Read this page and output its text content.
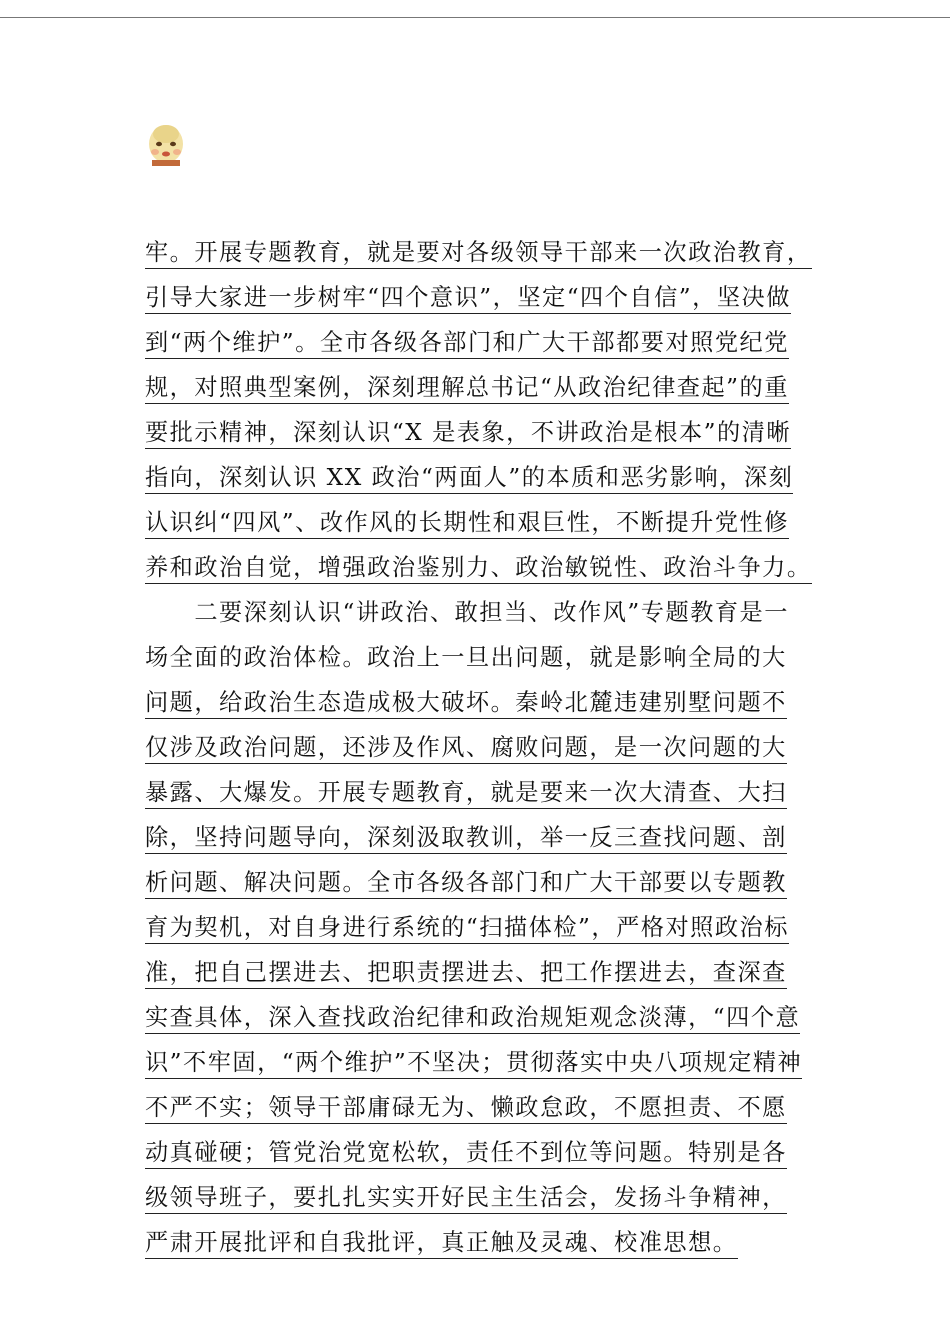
牢。开展专题教育，就是要对各级领导干部来一次政治教育，
引导大家进一步树牢“四个意识”，坚定“四个自信”，坚决做
到“两个维护”。全市各级各部门和广大干部都要对照党纪党
规，对照典型案例，深刻理解总书记“从政治纪律查起”的重
要批示精神，深刻认识“X 是表象，不讲政治是根本”的清晰
指向，深刻认识 XX 政治“两面人”的本质和恶劣影响，深刻
认识纠“四风”、改作风的长期性和艰巨性，不断提升党性修
养和政治自觉，增强政治鉴别力、政治敏锐性、政治斗争力。
　　二要深刻认识“讲政治、敢担当、改作风”专题教育是一
场全面的政治体检。政治上一旦出问题，就是影响全局的大
问题，给政治生态造成极大破坏。秦岭北麓违建别墅问题不
仅涉及政治问题，还涉及作风、腐败问题，是一次问题的大
暴露、大爆发。开展专题教育，就是要来一次大清查、大扫
除，坚持问题导向，深刻汲取教训，举一反三查找问题、剖
析问题、解决问题。全市各级各部门和广大干部要以专题教
育为契机，对自身进行系统的“扫描体检”，严格对照政治标
准，把自己摆进去、把职责摆进去、把工作摆进去，查深查
实查具体，深入查找政治纪律和政治规矩观念淡薄，“四个意
识”不牢固，“两个维护”不坚决；贯彻落实中央八项规定精神
不严不实；领导干部庸碌无为、懒政怠政，不愿担责、不愿
动真碰硬；管党治党宽松软，责任不到位等问题。特别是各
级领导班子，要扎扎实实开好民主生活会，发扬斗争精神，
严肃开展批评和自我批评，真正触及灵魂、校准思想。
